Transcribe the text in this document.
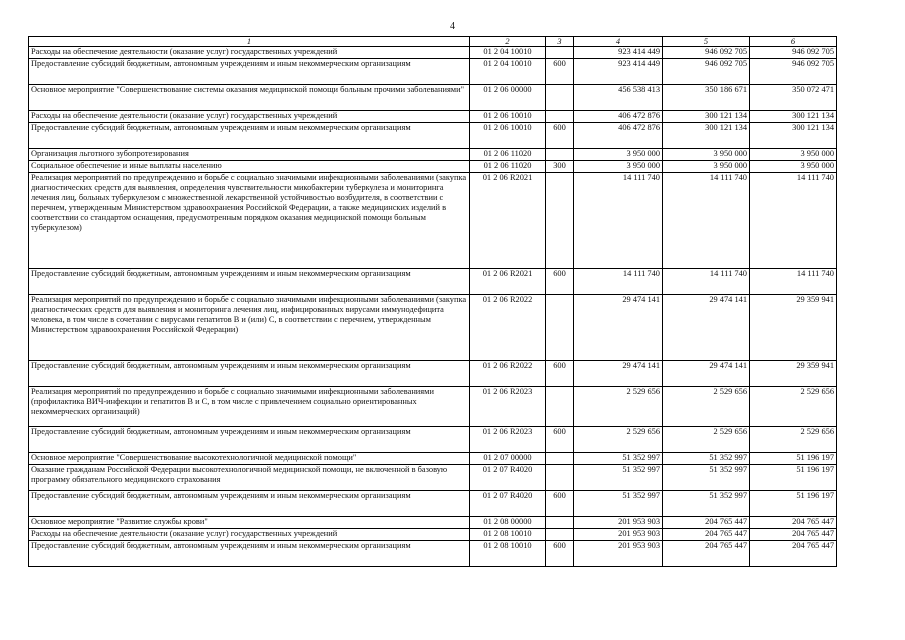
4
1	2	3	4	5	6
Расходы на обеспечение деятельности (оказание услуг) государственных учреждений	01 2 04 10010		923 414 449	946 092 705	946 092 705
Предоставление субсидий бюджетным, автономным учреждениям и иным некоммерческим организациям	01 2 04 10010	600	923 414 449	946 092 705	946 092 705
Основное мероприятие "Совершенствование системы оказания медицинской помощи больным прочими заболеваниями"	01 2 06 00000		456 538 413	350 186 671	350 072 471
Расходы на обеспечение деятельности (оказание услуг) государственных учреждений	01 2 06 10010		406 472 876	300 121 134	300 121 134
Предоставление субсидий бюджетным, автономным учреждениям и иным некоммерческим организациям	01 2 06 10010	600	406 472 876	300 121 134	300 121 134
Организация льготного зубопротезирования	01 2 06 11020		3 950 000	3 950 000	3 950 000
Социальное обеспечение и иные выплаты населению	01 2 06 11020	300	3 950 000	3 950 000	3 950 000
Реализация мероприятий по предупреждению и борьбе с социально значимыми инфекционными заболеваниями (закупка диагностических средств для выявления, определения чувствительности микобактерии туберкулеза и мониторинга лечения лиц, больных туберкулезом с множественной лекарственной устойчивостью возбудителя, в соответствии с перечнем, утвержденным Министерством здравоохранения Российской Федерации, а также медицинских изделий в соответствии со стандартом оснащения, предусмотренным порядком оказания медицинской помощи больным туберкулезом)	01 2 06 R2021		14 111 740	14 111 740	14 111 740
Предоставление субсидий бюджетным, автономным учреждениям и иным некоммерческим организациям	01 2 06 R2021	600	14 111 740	14 111 740	14 111 740
Реализация мероприятий по предупреждению и борьбе с социально значимыми инфекционными заболеваниями (закупка диагностических средств для выявления и мониторинга лечения лиц, инфицированных вирусами иммунодефицита человека, в том числе в сочетании с вирусами гепатитов В и (или) С, в соответствии с перечнем, утвержденным Министерством здравоохранения Российской Федерации)	01 2 06 R2022		29 474 141	29 474 141	29 359 941
Предоставление субсидий бюджетным, автономным учреждениям и иным некоммерческим организациям	01 2 06 R2022	600	29 474 141	29 474 141	29 359 941
Реализация мероприятий по предупреждению и борьбе с социально значимыми инфекционными заболеваниями (профилактика ВИЧ-инфекции и гепатитов В и С, в том числе с привлечением социально ориентированных некоммерческих организаций)	01 2 06 R2023		2 529 656	2 529 656	2 529 656
Предоставление субсидий бюджетным, автономным учреждениям и иным некоммерческим организациям	01 2 06 R2023	600	2 529 656	2 529 656	2 529 656
Основное мероприятие "Совершенствование высокотехнологичной медицинской помощи"	01 2 07 00000		51 352 997	51 352 997	51 196 197
Оказание гражданам Российской Федерации высокотехнологичной медицинской помощи, не включенной в базовую программу обязательного медицинского страхования	01 2 07 R4020		51 352 997	51 352 997	51 196 197
Предоставление субсидий бюджетным, автономным учреждениям и иным некоммерческим организациям	01 2 07 R4020	600	51 352 997	51 352 997	51 196 197
Основное мероприятие "Развитие службы крови"	01 2 08 00000		201 953 903	204 765 447	204 765 447
Расходы на обеспечение деятельности (оказание услуг) государственных учреждений	01 2 08 10010		201 953 903	204 765 447	204 765 447
Предоставление субсидий бюджетным, автономным учреждениям и иным некоммерческим организациям	01 2 08 10010	600	201 953 903	204 765 447	204 765 447
